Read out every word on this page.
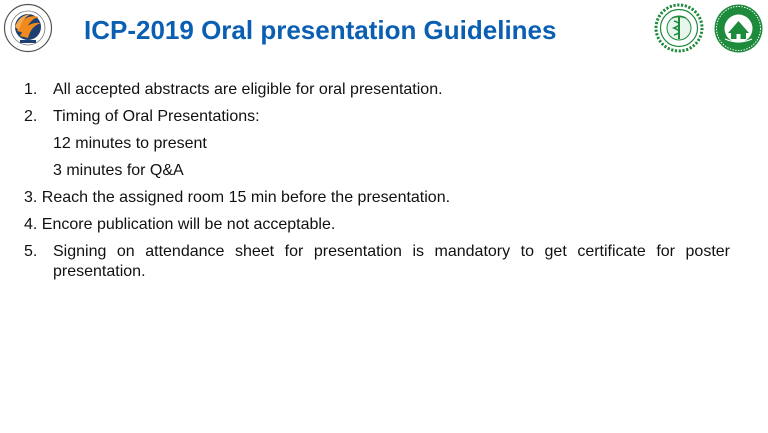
ICP-2019 Oral presentation Guidelines
1. All accepted abstracts are eligible for oral presentation.
2. Timing of Oral Presentations:
12 minutes to present
3 minutes for Q&A
3. Reach the assigned room 15 min before the presentation.
4. Encore publication will be not acceptable.
5. Signing on attendance sheet for presentation is mandatory to get certificate for poster presentation.
